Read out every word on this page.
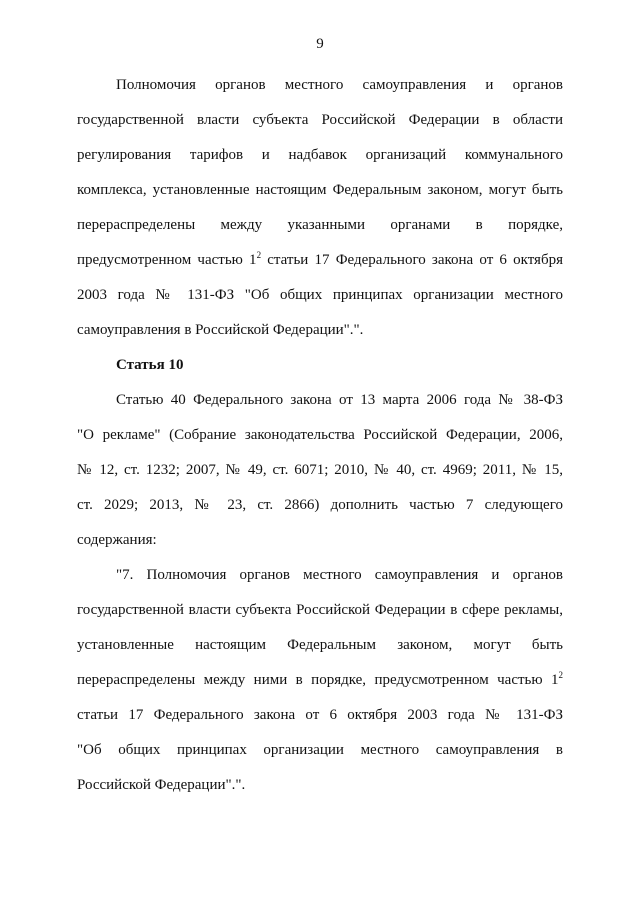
9
Полномочия органов местного самоуправления и органов
государственной власти субъекта Российской Федерации в области
регулирования тарифов и надбавок организаций коммунального
комплекса, установленные настоящим Федеральным законом, могут быть
перераспределены между указанными органами в порядке,
предусмотренном частью $1^2$ статьи 17 Федерального закона от 6 октября
2003 года № 131-ФЗ "Об общих принципах организации местного
самоуправления в Российской Федерации".".
Статья 10
Статью 40 Федерального закона от 13 марта 2006 года № 38-ФЗ
"О рекламе" (Собрание законодательства Российской Федерации, 2006,
№ 12, ст. 1232; 2007, № 49, ст. 6071; 2010, № 40, ст. 4969; 2011, № 15,
ст. 2029; 2013, № 23, ст. 2866) дополнить частью 7 следующего
содержания:
"7. Полномочия органов местного самоуправления и органов
государственной власти субъекта Российской Федерации в сфере рекламы,
установленные настоящим Федеральным законом, могут быть
перераспределены между ними в порядке, предусмотренном частью $1^2$
статьи 17 Федерального закона от 6 октября 2003 года № 131-ФЗ
"Об общих принципах организации местного самоуправления в
Российской Федерации".".
